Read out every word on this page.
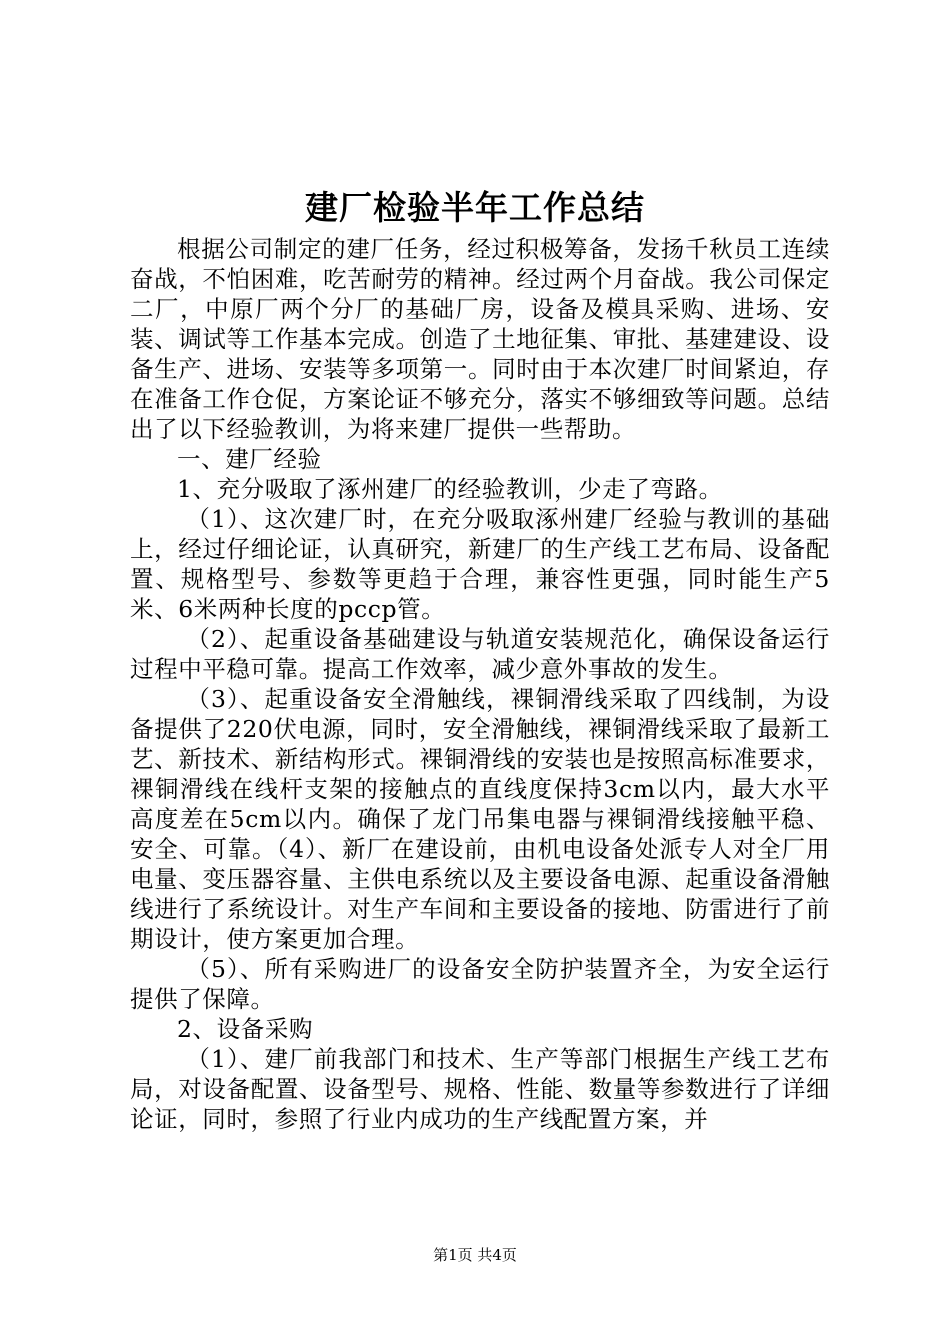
建厂检验半年工作总结

根据公司制定的建厂任务，经过积极筹备，发扬千秋员工连续奋战，不怕困难，吃苦耐劳的精神。经过两个月奋战。我公司保定二厂，中原厂两个分厂的基础厂房，设备及模具采购、进场、安装、调试等工作基本完成。创造了土地征集、审批、基建建设、设备生产、进场、安装等多项第一。同时由于本次建厂时间紧迫，存在准备工作仓促，方案论证不够充分，落实不够细致等问题。总结出了以下经验教训，为将来建厂提供一些帮助。

一、建厂经验

1、充分吸取了涿州建厂的经验教训，少走了弯路。

（1）、这次建厂时，在充分吸取涿州建厂经验与教训的基础上，经过仔细论证，认真研究，新建厂的生产线工艺布局、设备配置、规格型号、参数等更趋于合理，兼容性更强，同时能生产5米、6米两种长度的pccp管。

（2）、起重设备基础建设与轨道安装规范化，确保设备运行过程中平稳可靠。提高工作效率，减少意外事故的发生。

（3）、起重设备安全滑触线，裸铜滑线采取了四线制，为设备提供了220伏电源，同时，安全滑触线，裸铜滑线采取了最新工艺、新技术、新结构形式。裸铜滑线的安装也是按照高标准要求，裸铜滑线在线杆支架的接触点的直线度保持3cm以内，最大水平高度差在5cm以内。确保了龙门吊集电器与裸铜滑线接触平稳、安全、可靠。（4）、新厂在建设前，由机电设备处派专人对全厂用电量、变压器容量、主供电系统以及主要设备电源、起重设备滑触线进行了系统设计。对生产车间和主要设备的接地、防雷进行了前期设计，使方案更加合理。

（5）、所有采购进厂的设备安全防护装置齐全，为安全运行提供了保障。

2、设备采购

（1）、建厂前我部门和技术、生产等部门根据生产线工艺布局，对设备配置、设备型号、规格、性能、数量等参数进行了详细论证，同时，参照了行业内成功的生产线配置方案，并

第1页 共4页
